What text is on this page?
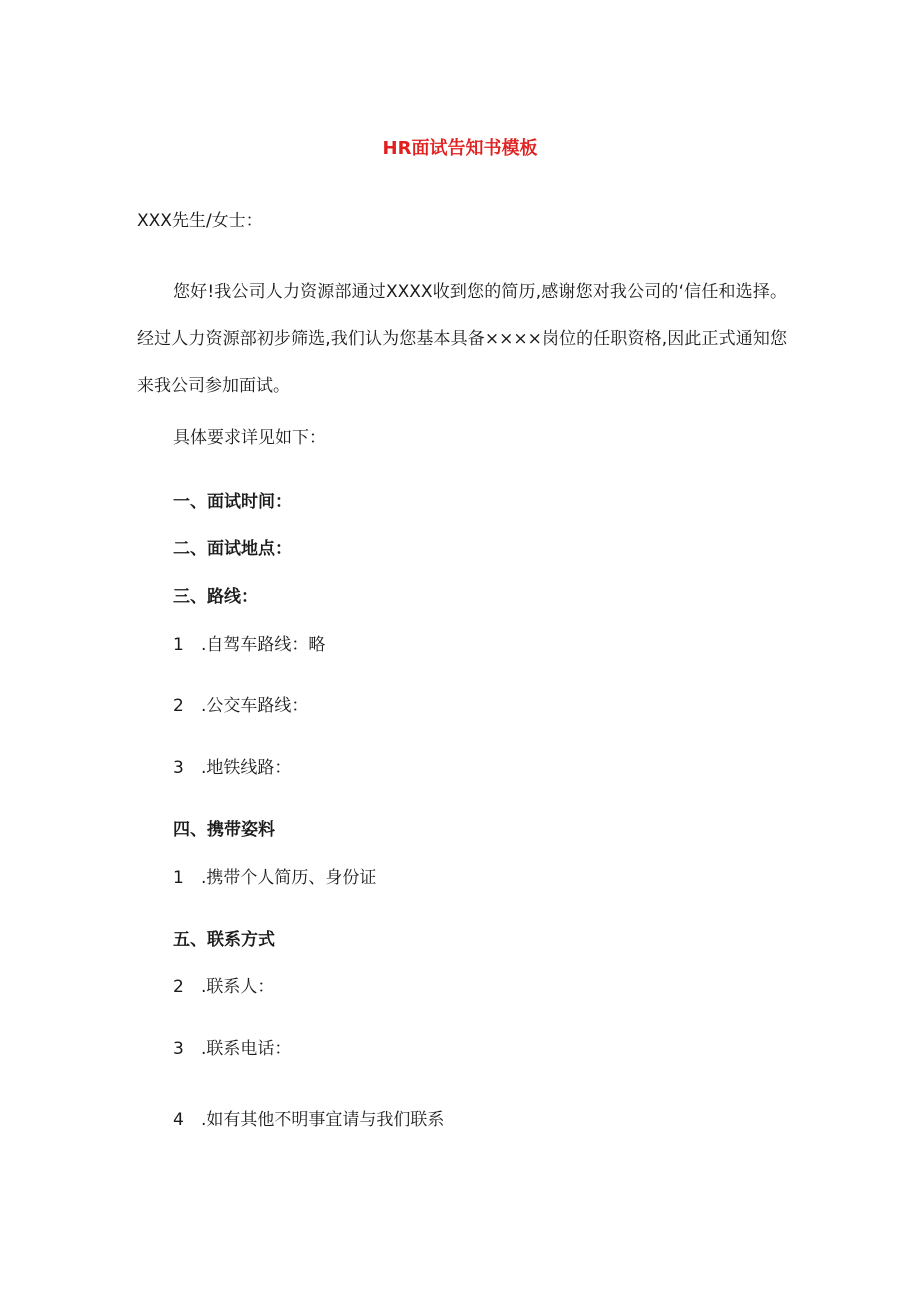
HR面试告知书模板
XXX先生/女士：
您好!我公司人力资源部通过XXXX收到您的简历,感谢您对我公司的‘信任和选择。经过人力资源部初步筛选,我们认为您基本具备××××岗位的任职资格,因此正式通知您来我公司参加面试。
具体要求详见如下：
一、面试时间：
二、面试地点：
三、路线：
1 .自驾车路线：略
2 .公交车路线：
3 .地铁线路：
四、携带姿料
1 .携带个人简历、身份证
五、联系方式
2 .联系人：
3 .联系电话：
4 .如有其他不明事宜请与我们联系
